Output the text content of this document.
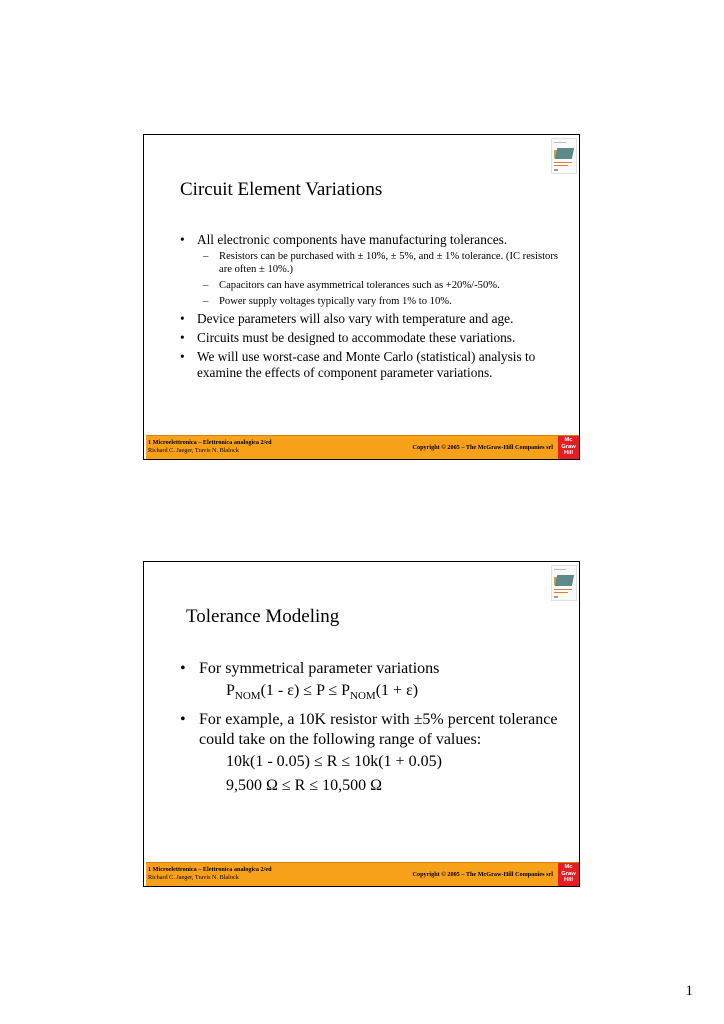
Circuit Element Variations
• All electronic components have manufacturing tolerances.
– Resistors can be purchased with ± 10%, ± 5%, and ± 1% tolerance. (IC resistors are often ± 10%.)
– Capacitors can have asymmetrical tolerances such as +20%/-50%.
– Power supply voltages typically vary from 1% to 10%.
• Device parameters will also vary with temperature and age.
• Circuits must be designed to accommodate these variations.
• We will use worst-case and Monte Carlo (statistical) analysis to examine the effects of component parameter variations.
1 Microelettronica – Elettronica analogica 2/ed
Richard C. Jaeger, Travis N. Blalock	Copyright © 2005 – The McGraw-Hill Companies srl
Mc
Graw
Hill
Tolerance Modeling
• For symmetrical parameter variations
$P_{NOM}(1 - \varepsilon) \le P \le P_{NOM}(1 + \varepsilon)$
• For example, a 10K resistor with ±5% percent tolerance could take on the following range of values:
10k(1 - 0.05) ≤ R ≤ 10k(1 + 0.05)
9,500 Ω ≤ R ≤ 10,500 Ω
1 Microelettronica – Elettronica analogica 2/ed
Richard C. Jaeger, Travis N. Blalock	Copyright © 2005 – The McGraw-Hill Companies srl
Mc
Graw
Hill
1
